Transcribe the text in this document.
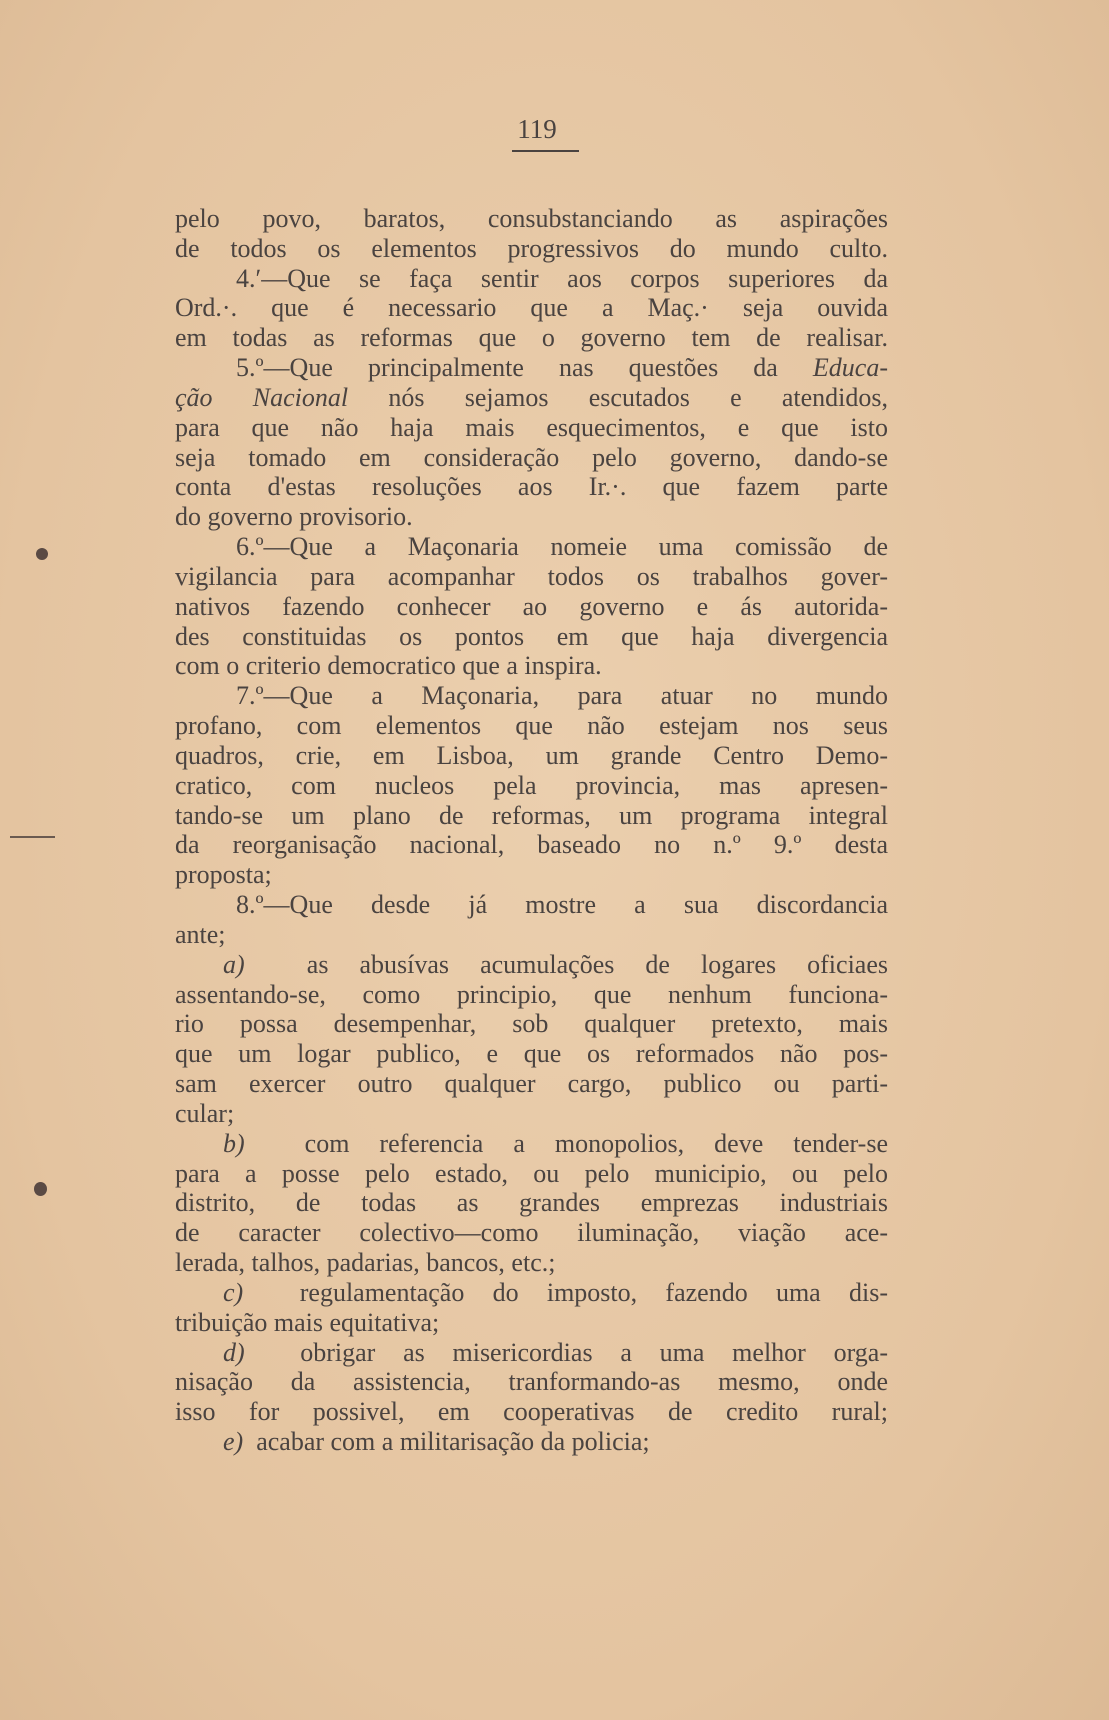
119
pelo povo, baratos, consubstanciando as aspirações
de todos os elementos progressivos do mundo culto.
4.ʹ—Que se faça sentir aos corpos superiores da
Ord.·. que é necessario que a Maç.· seja ouvida
em todas as reformas que o governo tem de realisar.
5.º—Que principalmente nas questões da Educa-
ção Nacional nós sejamos escutados e atendidos,
para que não haja mais esquecimentos, e que isto
seja tomado em consideração pelo governo, dando-se
conta d'estas resoluções aos Ir.·. que fazem parte
do governo provisorio.
6.º—Que a Maçonaria nomeie uma comissão de
vigilancia para acompanhar todos os trabalhos gover-
nativos fazendo conhecer ao governo e ás autorida-
des constituidas os pontos em que haja divergencia
com o criterio democratico que a inspira.
7.º—Que a Maçonaria, para atuar no mundo
profano, com elementos que não estejam nos seus
quadros, crie, em Lisboa, um grande Centro Demo-
cratico, com nucleos pela provincia, mas apresen-
tando-se um plano de reformas, um programa integral
da reorganisação nacional, baseado no n.º 9.º desta
proposta;
8.º—Que desde já mostre a sua discordancia
ante;
a)  as abusívas acumulações de logares oficiaes
assentando-se, como principio, que nenhum funciona-
rio possa desempenhar, sob qualquer pretexto, mais
que um logar publico, e que os reformados não pos-
sam exercer outro qualquer cargo, publico ou parti-
cular;
b)  com referencia a monopolios, deve tender-se
para a posse pelo estado, ou pelo municipio, ou pelo
distrito, de todas as grandes emprezas industriais
de caracter colectivo—como iluminação, viação ace-
lerada, talhos, padarias, bancos, etc.;
c)  regulamentação do imposto, fazendo uma dis-
tribuição mais equitativa;
d)  obrigar as misericordias a uma melhor orga-
nisação da assistencia, tranformando-as mesmo, onde
isso for possivel, em cooperativas de credito rural;
e)  acabar com a militarisação da policia;
